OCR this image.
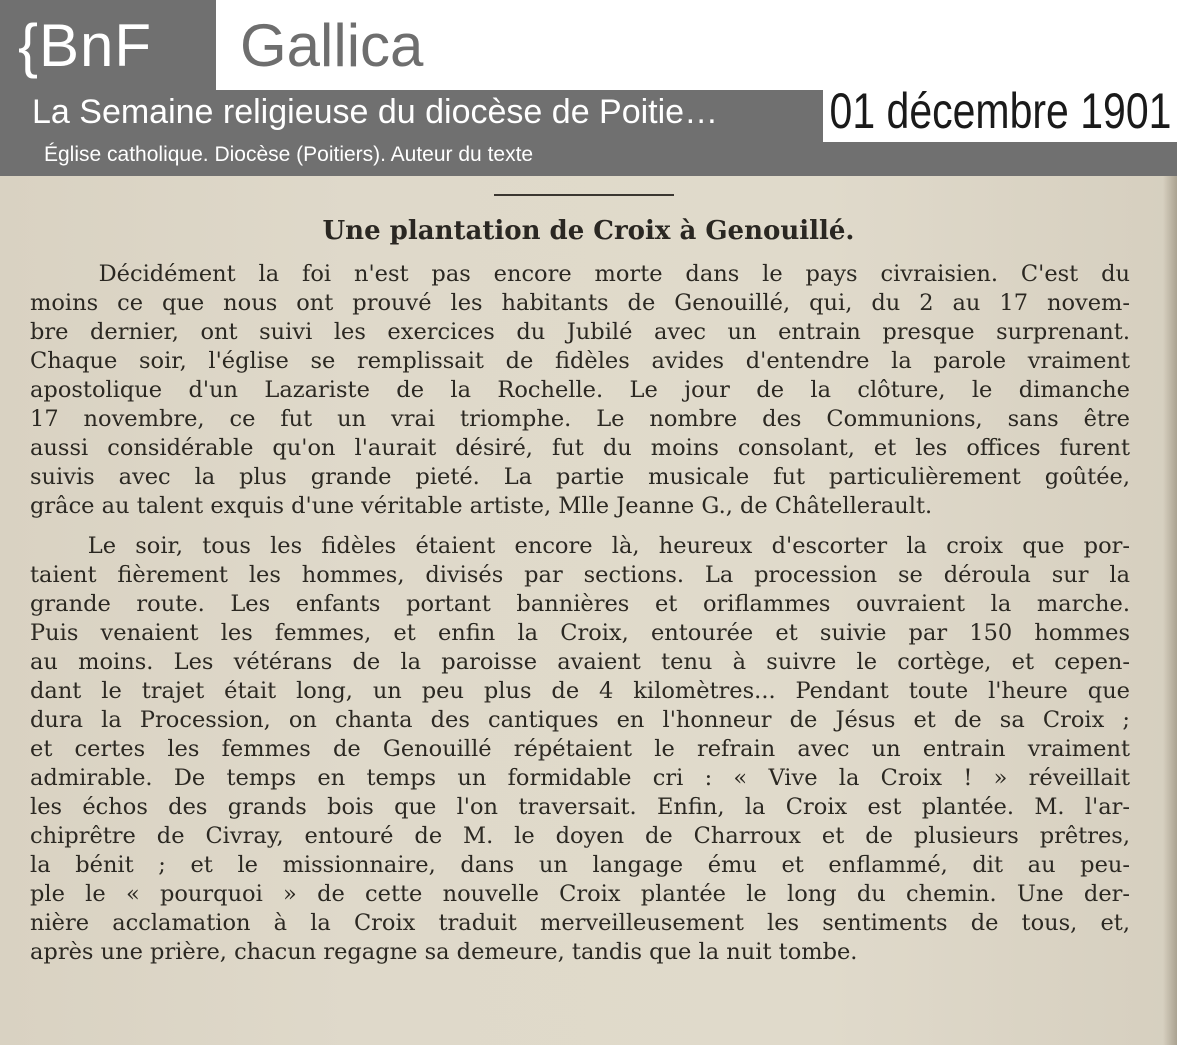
{BnF Gallica
La Semaine religieuse du diocèse de Poitie…
Église catholique. Diocèse (Poitiers). Auteur du texte
01 décembre 1901
Une plantation de Croix à Genouillé.
Décidément la foi n'est pas encore morte dans le pays civraisien. C'est du
moins ce que nous ont prouvé les habitants de Genouillé, qui, du 2 au 17 novem-
bre dernier, ont suivi les exercices du Jubilé avec un entrain presque surprenant.
Chaque soir, l'église se remplissait de fidèles avides d'entendre la parole vraiment
apostolique d'un Lazariste de la Rochelle. Le jour de la clôture, le dimanche
17 novembre, ce fut un vrai triomphe. Le nombre des Communions, sans être
aussi considérable qu'on l'aurait désiré, fut du moins consolant, et les offices furent
suivis avec la plus grande pieté. La partie musicale fut particulièrement goûtée,
grâce au talent exquis d'une véritable artiste, Mlle Jeanne G., de Châtellerault.
Le soir, tous les fidèles étaient encore là, heureux d'escorter la croix que por-
taient fièrement les hommes, divisés par sections. La procession se déroula sur la
grande route. Les enfants portant bannières et oriflammes ouvraient la marche.
Puis venaient les femmes, et enfin la Croix, entourée et suivie par 150 hommes
au moins. Les vétérans de la paroisse avaient tenu à suivre le cortège, et cepen-
dant le trajet était long, un peu plus de 4 kilomètres... Pendant toute l'heure que
dura la Procession, on chanta des cantiques en l'honneur de Jésus et de sa Croix ;
et certes les femmes de Genouillé répétaient le refrain avec un entrain vraiment
admirable. De temps en temps un formidable cri : « Vive la Croix ! » réveillait
les échos des grands bois que l'on traversait. Enfin, la Croix est plantée. M. l'ar-
chiprêtre de Civray, entouré de M. le doyen de Charroux et de plusieurs prêtres,
la bénit ; et le missionnaire, dans un langage ému et enflammé, dit au peu-
ple le « pourquoi » de cette nouvelle Croix plantée le long du chemin. Une der-
nière acclamation à la Croix traduit merveilleusement les sentiments de tous, et,
après une prière, chacun regagne sa demeure, tandis que la nuit tombe.
